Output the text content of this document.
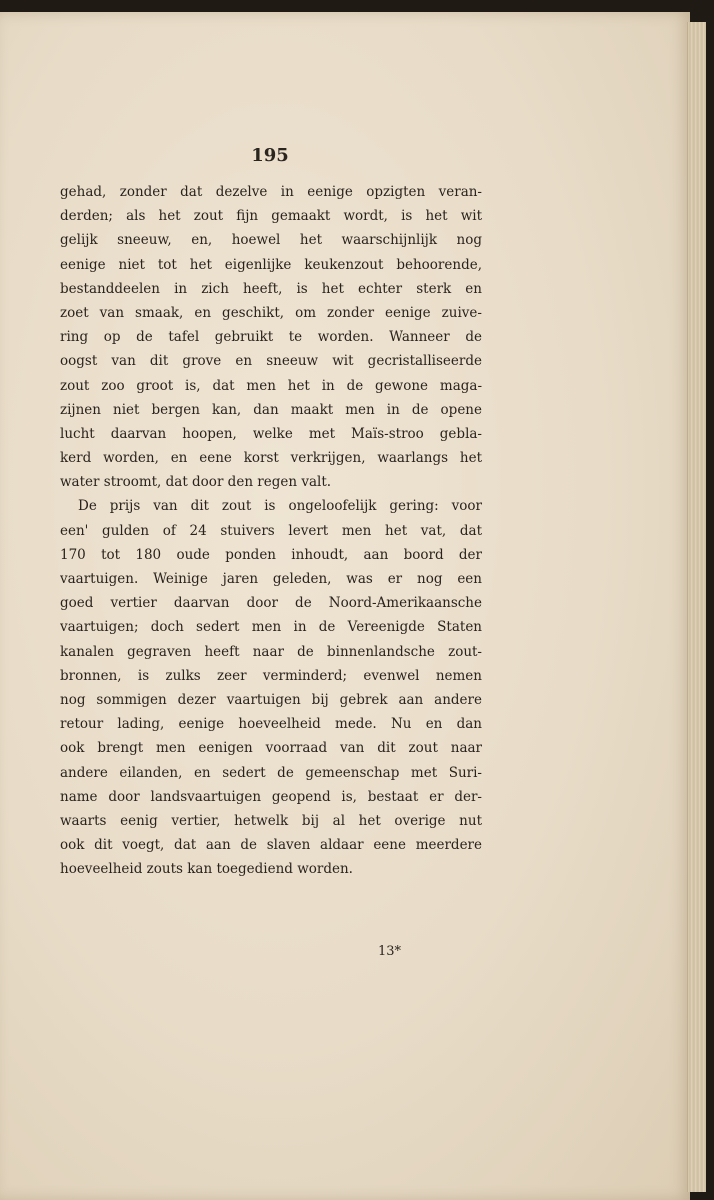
195
gehad, zonder dat dezelve in eenige opzigten veran-
derden; als het zout fijn gemaakt wordt, is het wit
gelijk sneeuw, en, hoewel het waarschijnlijk nog
eenige niet tot het eigenlijke keukenzout behoorende,
bestanddeelen in zich heeft, is het echter sterk en
zoet van smaak, en geschikt, om zonder eenige zuive-
ring op de tafel gebruikt te worden. Wanneer de
oogst van dit grove en sneeuw wit gecristalliseerde
zout zoo groot is, dat men het in de gewone maga-
zijnen niet bergen kan, dan maakt men in de opene
lucht daarvan hoopen, welke met Maïs-stroo gebla-
kerd worden, en eene korst verkrijgen, waarlangs het
water stroomt, dat door den regen valt.
De prijs van dit zout is ongeloofelijk gering: voor
een' gulden of 24 stuivers levert men het vat, dat
170 tot 180 oude ponden inhoudt, aan boord der
vaartuigen. Weinige jaren geleden, was er nog een
goed vertier daarvan door de Noord-Amerikaansche
vaartuigen; doch sedert men in de Vereenigde Staten
kanalen gegraven heeft naar de binnenlandsche zout-
bronnen, is zulks zeer verminderd; evenwel nemen
nog sommigen dezer vaartuigen bij gebrek aan andere
retour lading, eenige hoeveelheid mede. Nu en dan
ook brengt men eenigen voorraad van dit zout naar
andere eilanden, en sedert de gemeenschap met Suri-
name door landsvaartuigen geopend is, bestaat er der-
waarts eenig vertier, hetwelk bij al het overige nut
ook dit voegt, dat aan de slaven aldaar eene meerdere
hoeveelheid zouts kan toegediend worden.
13*
